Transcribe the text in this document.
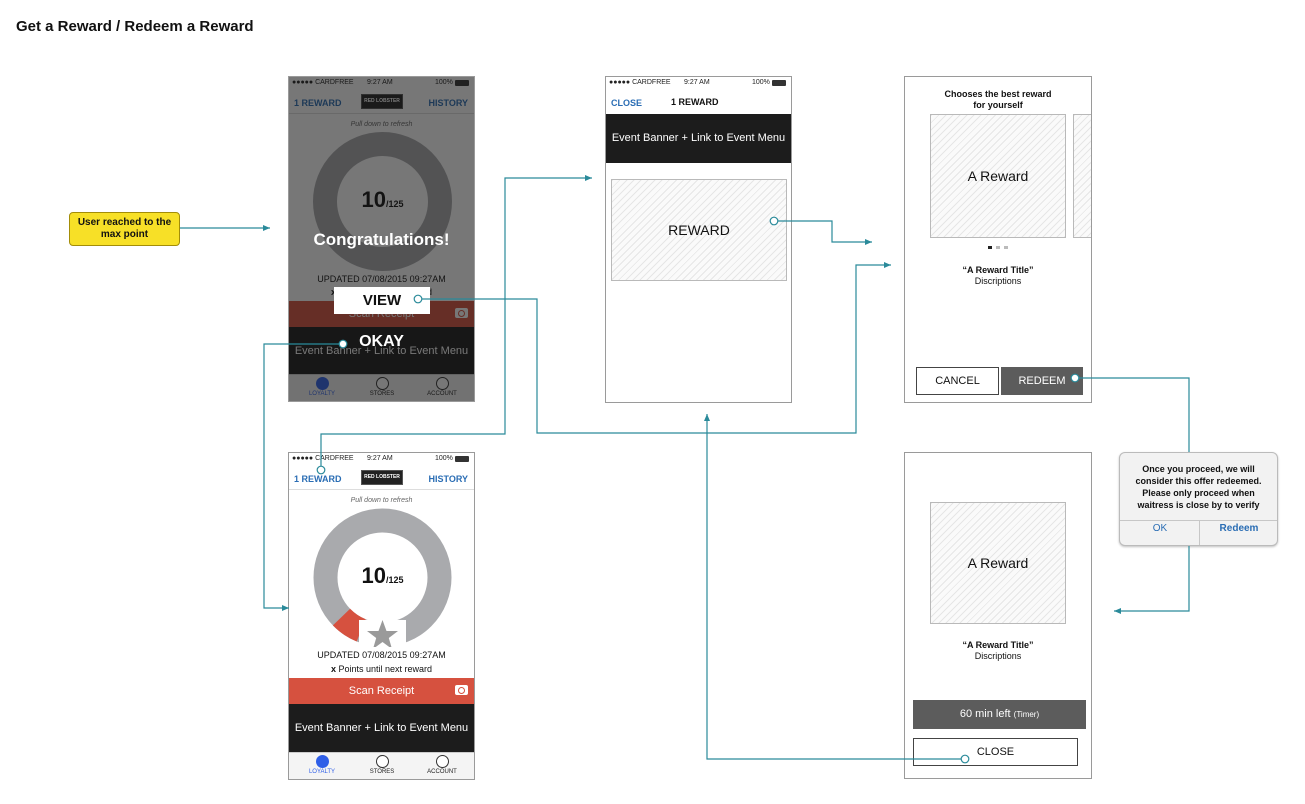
Get a Reward / Redeem a Reward
User reached to the max point	Congratulations!
VIEW
OKAY
●●●●● CARDFREE 9:27 AM	100%
1 REWARD	RED LOBSTER	HISTORY
Pull down to refresh
10/125
UPDATED 07/08/2015 09:27AM
x Points until next reward
Scan Receipt
Event Banner + Link to Event Menu
LOYALTY	STORES	ACCOUNT
●●●●● CARDFREE 9:27 AM	100%
CLOSE	1 REWARD
Event Banner + Link to Event Menu
REWARD
Chooses the best reward
for yourself
A Reward
“A Reward Title”
Discriptions
CANCEL	REDEEM
Once you proceed, we will consider this offer redeemed. Please only proceed when waitress is close by to verify
OK	Redeem
A Reward
“A Reward Title”
Discriptions
60 min left (Timer)
CLOSE
